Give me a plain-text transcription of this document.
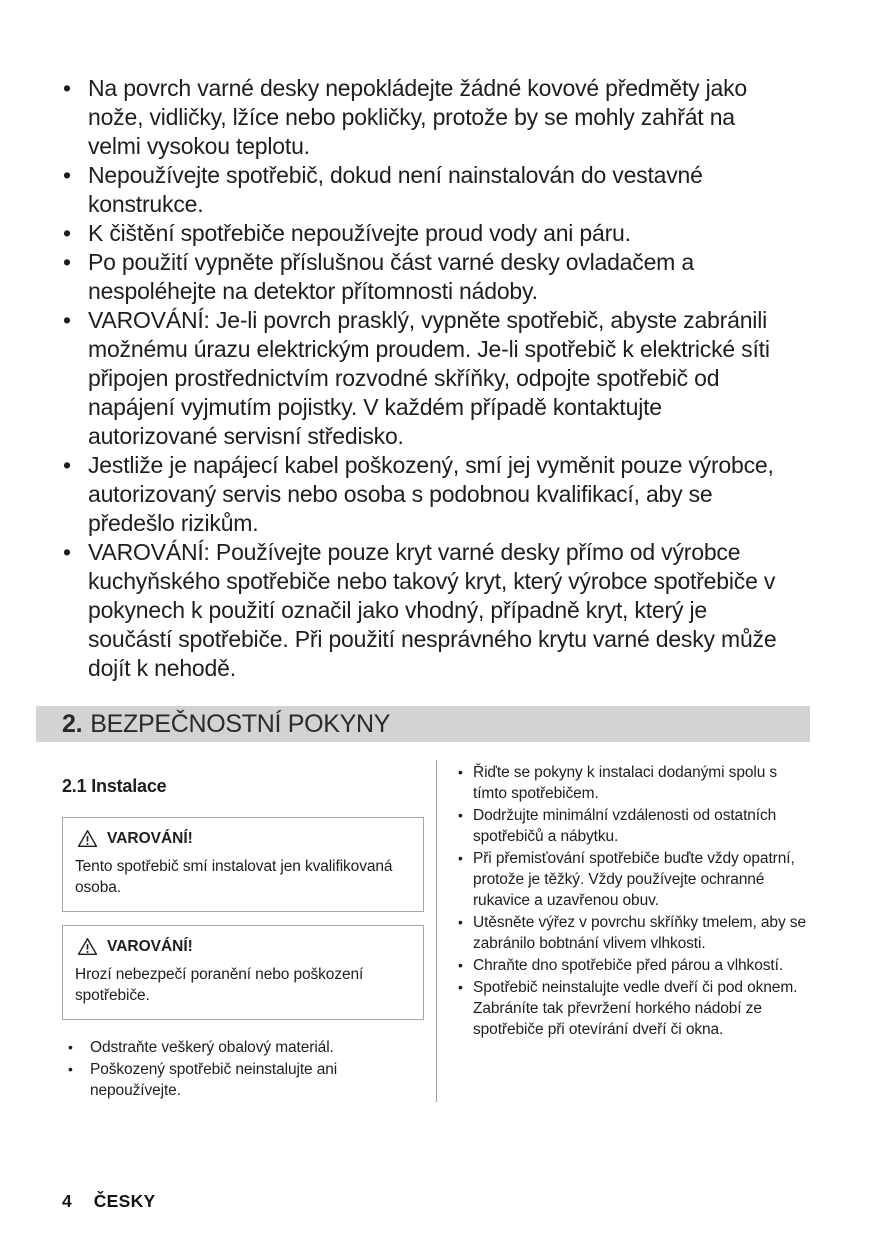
• Na povrch varné desky nepokládejte žádné kovové předměty jako nože, vidličky, lžíce nebo pokličky, protože by se mohly zahřát na velmi vysokou teplotu.
• Nepoužívejte spotřebič, dokud není nainstalován do vestavné konstrukce.
• K čištění spotřebiče nepoužívejte proud vody ani páru.
• Po použití vypněte příslušnou část varné desky ovladačem a nespoléhejte na detektor přítomnosti nádoby.
• VAROVÁNÍ: Je-li povrch prasklý, vypněte spotřebič, abyste zabránili možnému úrazu elektrickým proudem. Je-li spotřebič k elektrické síti připojen prostřednictvím rozvodné skříňky, odpojte spotřebič od napájení vyjmutím pojistky. V každém případě kontaktujte autorizované servisní středisko.
• Jestliže je napájecí kabel poškozený, smí jej vyměnit pouze výrobce, autorizovaný servis nebo osoba s podobnou kvalifikací, aby se předešlo rizikům.
• VAROVÁNÍ: Používejte pouze kryt varné desky přímo od výrobce kuchyňského spotřebiče nebo takový kryt, který výrobce spotřebiče v pokynech k použití označil jako vhodný, případně kryt, který je součástí spotřebiče. Při použití nesprávného krytu varné desky může dojít k nehodě.
2. BEZPEČNOSTNÍ POKYNY
2.1 Instalace
VAROVÁNÍ!
Tento spotřebič smí instalovat jen kvalifikovaná osoba.
VAROVÁNÍ!
Hrozí nebezpečí poranění nebo poškození spotřebiče.
• Odstraňte veškerý obalový materiál.
• Poškozený spotřebič neinstalujte ani nepoužívejte.
• Řiďte se pokyny k instalaci dodanými spolu s tímto spotřebičem.
• Dodržujte minimální vzdálenosti od ostatních spotřebičů a nábytku.
• Při přemisťování spotřebiče buďte vždy opatrní, protože je těžký. Vždy používejte ochranné rukavice a uzavřenou obuv.
• Utěsněte výřez v povrchu skříňky tmelem, aby se zabránilo bobtnání vlivem vlhkosti.
• Chraňte dno spotřebiče před párou a vlhkostí.
• Spotřebič neinstalujte vedle dveří či pod oknem. Zabráníte tak převržení horkého nádobí ze spotřebiče při otevírání dveří či okna.
4 ČESKY
